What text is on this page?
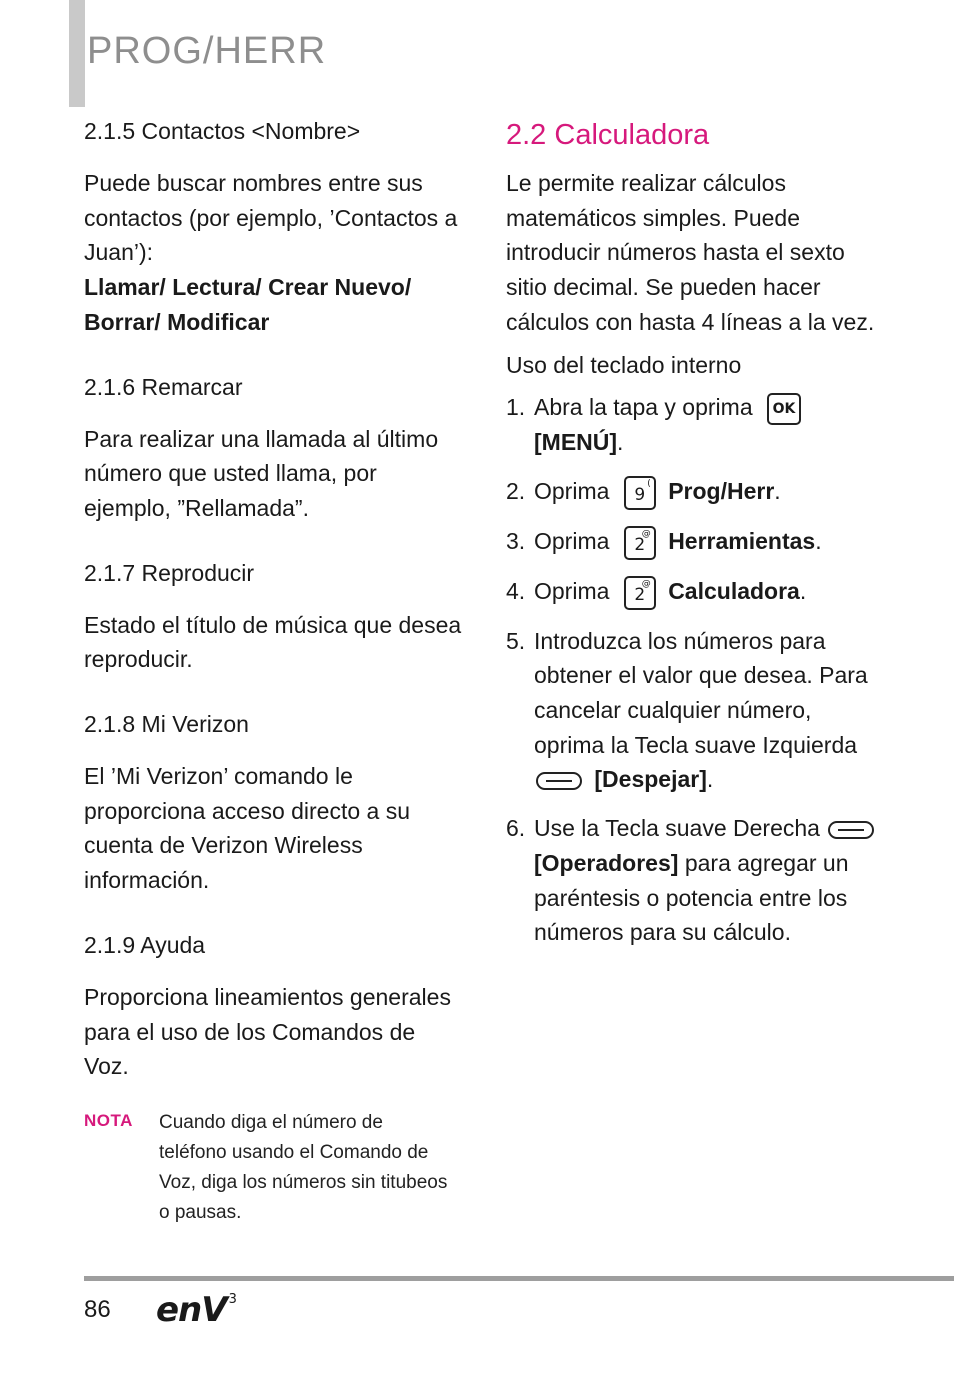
PROG/HERR

2.1.5 Contactos <Nombre>

Puede buscar nombres entre sus contactos (por ejemplo, ’Contactos a Juan’):

Llamar/ Lectura/ Crear Nuevo/ Borrar/ Modificar

2.1.6 Remarcar

Para realizar una llamada al último número que usted llama, por ejemplo, ”Rellamada”.

2.1.7 Reproducir

Estado el título de música que desea reproducir.

2.1.8 Mi Verizon

El ’Mi Verizon’ comando le proporciona acceso directo a su cuenta de Verizon Wireless información.

2.1.9 Ayuda

Proporciona lineamientos generales para el uso de los Comandos de Voz.

NOTA Cuando diga el número de teléfono usando el Comando de Voz, diga los números sin titubeos o pausas.

2.2 Calculadora

Le permite realizar cálculos matemáticos simples. Puede introducir números hasta el sexto sitio decimal. Se pueden hacer cálculos con hasta 4 líneas a la vez.

Uso del teclado interno

1. Abra la tapa y oprima OK
[MENÚ].
2. Oprima 9
( Prog/Herr.
3. Oprima 2
@ Herramientas.
4. Oprima 2
@ Calculadora.
5. Introduzca los números para obtener el valor que desea. Para cancelar cualquier número, oprima la Tecla suave Izquierda
[Despejar].
6. Use la Tecla suave Derecha
[Operadores] para agregar un paréntesis o potencia entre los números para su cálculo.
86 enV $^3$
